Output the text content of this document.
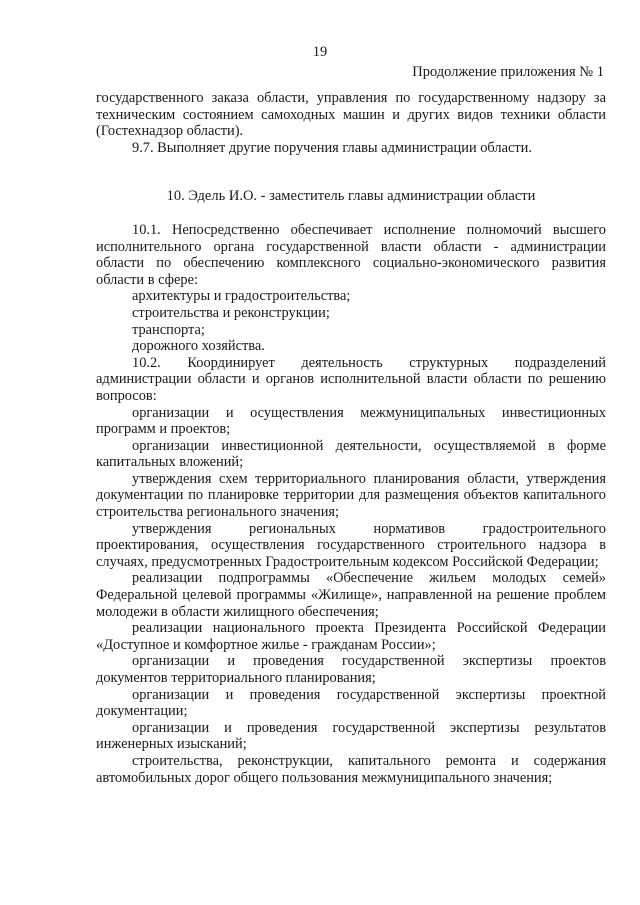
19
Продолжение приложения № 1

государственного заказа области, управления по государственному надзору за техническим состоянием самоходных машин и других видов техники области (Гостехнадзор области).

9.7. Выполняет другие поручения главы администрации области.

10. Эдель И.О. - заместитель главы администрации области

10.1. Непосредственно обеспечивает исполнение полномочий высшего исполнительного органа государственной власти области - администрации области по обеспечению комплексного социально-экономического развития области в сфере:

архитектуры и градостроительства;

строительства и реконструкции;

транспорта;

дорожного хозяйства.

10.2. Координирует деятельность структурных подразделений администрации области и органов исполнительной власти области по решению вопросов:

организации и осуществления межмуниципальных инвестиционных программ и проектов;

организации инвестиционной деятельности, осуществляемой в форме капитальных вложений;

утверждения схем территориального планирования области, утверждения документации по планировке территории для размещения объектов капитального строительства регионального значения;

утверждения региональных нормативов градостроительного проектирования, осуществления государственного строительного надзора в случаях, предусмотренных Градостроительным кодексом Российской Федерации;

реализации подпрограммы «Обеспечение жильем молодых семей» Федеральной целевой программы «Жилище», направленной на решение проблем молодежи в области жилищного обеспечения;

реализации национального проекта Президента Российской Федерации «Доступное и комфортное жилье - гражданам России»;

организации и проведения государственной экспертизы проектов документов территориального планирования;

организации и проведения государственной экспертизы проектной документации;

организации и проведения государственной экспертизы результатов инженерных изысканий;

строительства, реконструкции, капитального ремонта и содержания автомобильных дорог общего пользования межмуниципального значения;
